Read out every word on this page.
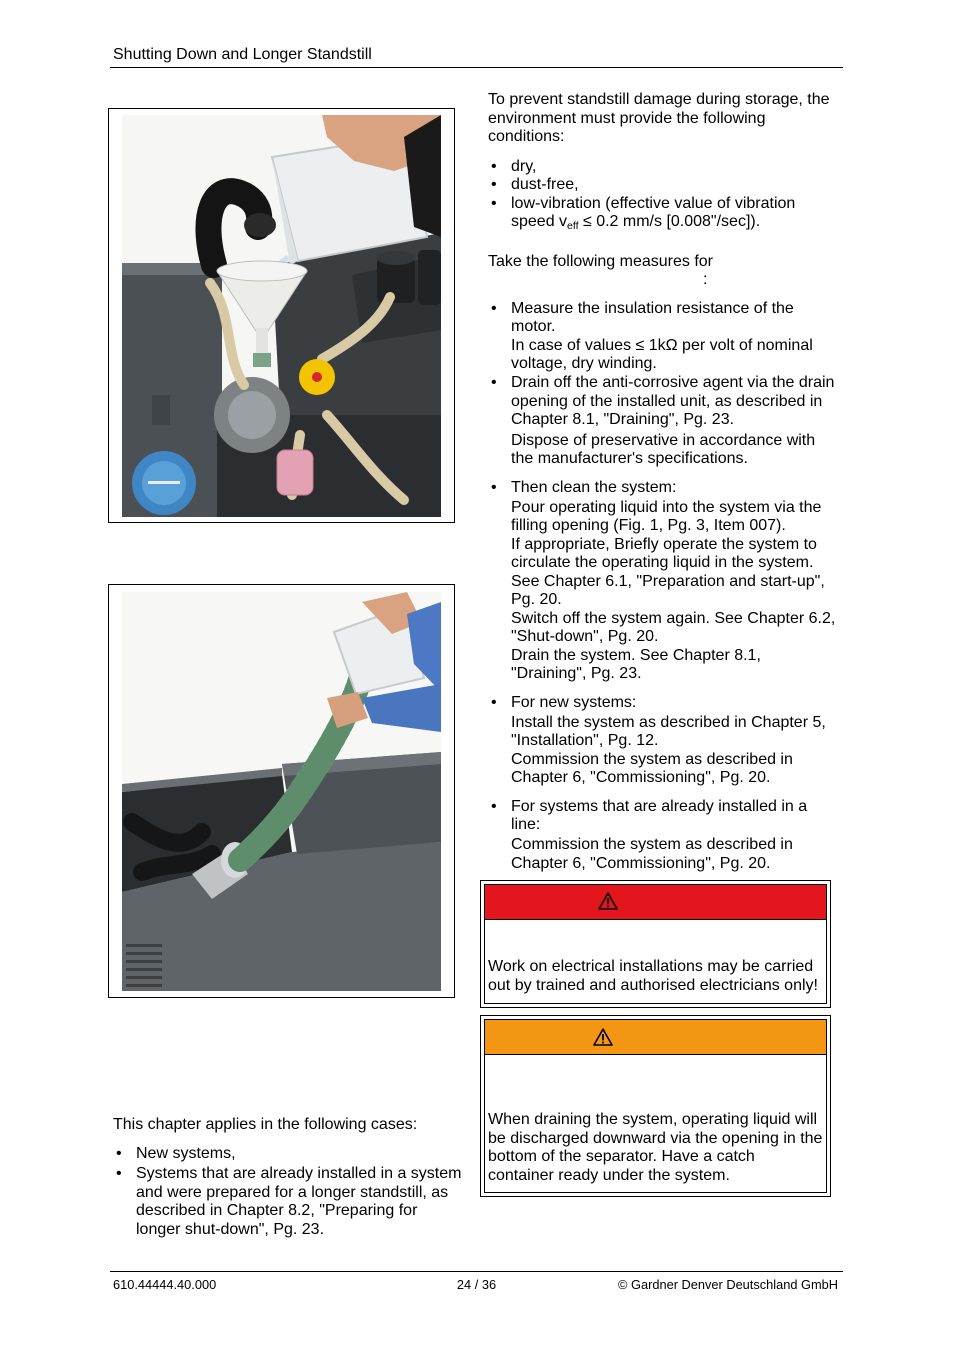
Shutting Down and Longer Standstill

This chapter applies in the following cases:

• New systems,
• Systems that are already installed in a system and were prepared for a longer standstill, as described in Chapter 8.2, "Preparing for longer shut-down", Pg. 23.

To prevent standstill damage during storage, the environment must provide the following conditions:

• dry,
• dust-free,
• low-vibration (effective value of vibration speed $v_{eff} \le 0.2$ mm/s [0.008"/sec]).

Take the following measures for

:
• Measure the insulation resistance of the motor.
In case of values ≤ 1kΩ per volt of nominal voltage, dry winding.
• Drain off the anti-corrosive agent via the drain opening of the installed unit, as described in Chapter 8.1, "Draining", Pg. 23.
Dispose of preservative in accordance with the manufacturer's specifications.
• Then clean the system:
Pour operating liquid into the system via the filling opening (Fig. 1, Pg. 3, Item 007).
If appropriate, Briefly operate the system to circulate the operating liquid in the system.
See Chapter 6.1, "Preparation and start-up", Pg. 20.
Switch off the system again. See Chapter 6.2, "Shut-down", Pg. 20.
Drain the system. See Chapter 8.1, "Draining", Pg. 23.
• For new systems:
Install the system as described in Chapter 5, "Installation", Pg. 12.
Commission the system as described in Chapter 6, "Commissioning", Pg. 20.
• For systems that are already installed in a line:
Commission the system as described in Chapter 6, "Commissioning", Pg. 20.
Work on electrical installations may be carried out by trained and authorised electricians only!
When draining the system, operating liquid will be discharged downward via the opening in the bottom of the separator. Have a catch container ready under the system.
610.44444.40.000	24 / 36	© Gardner Denver Deutschland GmbH
